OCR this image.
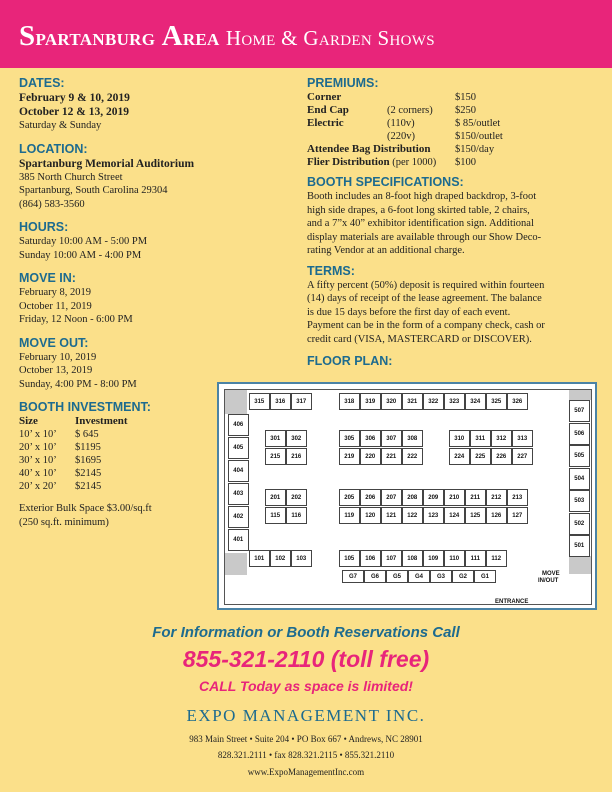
Spartanburg Area Home & Garden Shows

DATES:

February 9 & 10, 2019

October 12 & 13, 2019

Saturday & Sunday

LOCATION:

Spartanburg Memorial Auditorium

385 North Church Street

Spartanburg, South Carolina 29304

(864) 583-3560

HOURS:

Saturday 10:00 AM - 5:00 PM

Sunday 10:00 AM - 4:00 PM

MOVE IN:

February 8, 2019

October 11, 2019

Friday, 12 Noon - 6:00 PM

MOVE OUT:

February 10, 2019

October 13, 2019

Sunday, 4:00 PM - 8:00 PM

BOOTH INVESTMENT:

Size	Investment
10’ x 10’	$ 645
20’ x 10’	$1195
30’ x 10’	$1695
40’ x 10’	$2145
20’ x 20’	$2145

Exterior Bulk Space $3.00/sq.ft

(250 sq.ft. minimum)

PREMIUMS:

Corner		$150
End Cap	(2 corners)	$250
Electric	(110v)	$ 85/outlet
	(220v)	$150/outlet
Attendee Bag Distribution		$150/day
Flier Distribution (per 1000)		$100

BOOTH SPECIFICATIONS:

Booth includes an 8-foot high draped backdrop, 3-foot

high side drapes, a 6-foot long skirted table, 2 chairs,

and a 7”x 40” exhibitor identification sign. Additional

display materials are available through our Show Deco-

rating Vendor at an additional charge.

TERMS:

A fifty percent (50%) deposit is required within fourteen

(14) days of receipt of the lease agreement. The balance

is due 15 days before the first day of each event.

Payment can be in the form of a company check, cash or

credit card (VISA, MASTERCARD or DISCOVER).

FLOOR PLAN:

315	316	317	318	319	320	321	322	323	324	325	326
406
405
404
403
402
401
507
506
505
504
503
502
501
301	302	305	306	307	308	310	311	312	313
215	216	219	220	221	222	224	225	226	227
201	202	205	206	207	208	209	210	211	212	213
115	116	119	120	121	122	123	124	125	126	127
101	102	103	105	106	107	108	109	110	111	112
G7	G6	G5	G4	G3	G2	G1	MOVE
IN/OUT
ENTRANCE
For Information or Booth Reservations Call
855-321-2110 (toll free)
CALL Today as space is limited!
EXPO MANAGEMENT INC.
983 Main Street • Suite 204 • PO Box 667 • Andrews, NC 28901
828.321.2111 • fax 828.321.2115 • 855.321.2110
www.ExpoManagementInc.com
